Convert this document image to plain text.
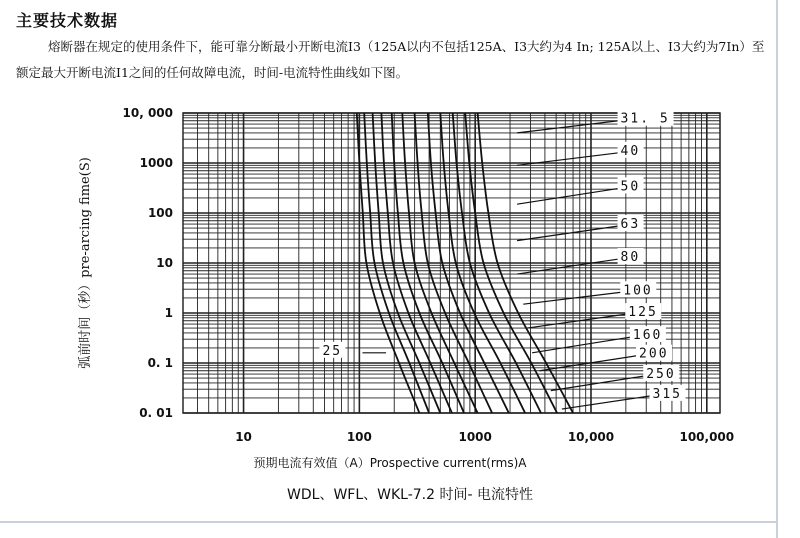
主要技术数据
熔断器在规定的使用条件下，能可靠分断最小开断电流I3（125A以内不包括125A、I3大约为4 In; 125A以上、I3大约为7In）至额定最大开断电流I1之间的任何故障电流，时间-电流特性曲线如下图。
10	100	1000	10,000	100,000
10, 000
1000
100
10
1
0. 1
0. 01
31. 5
40
50
63
80
100
125
160
200
250
315
25
弧前时间（秒）pre-arcing fime(S)
预期电流有效值（A）Prospective current(rms)A
WDL、WFL、WKL-7.2 时间- 电流特性
